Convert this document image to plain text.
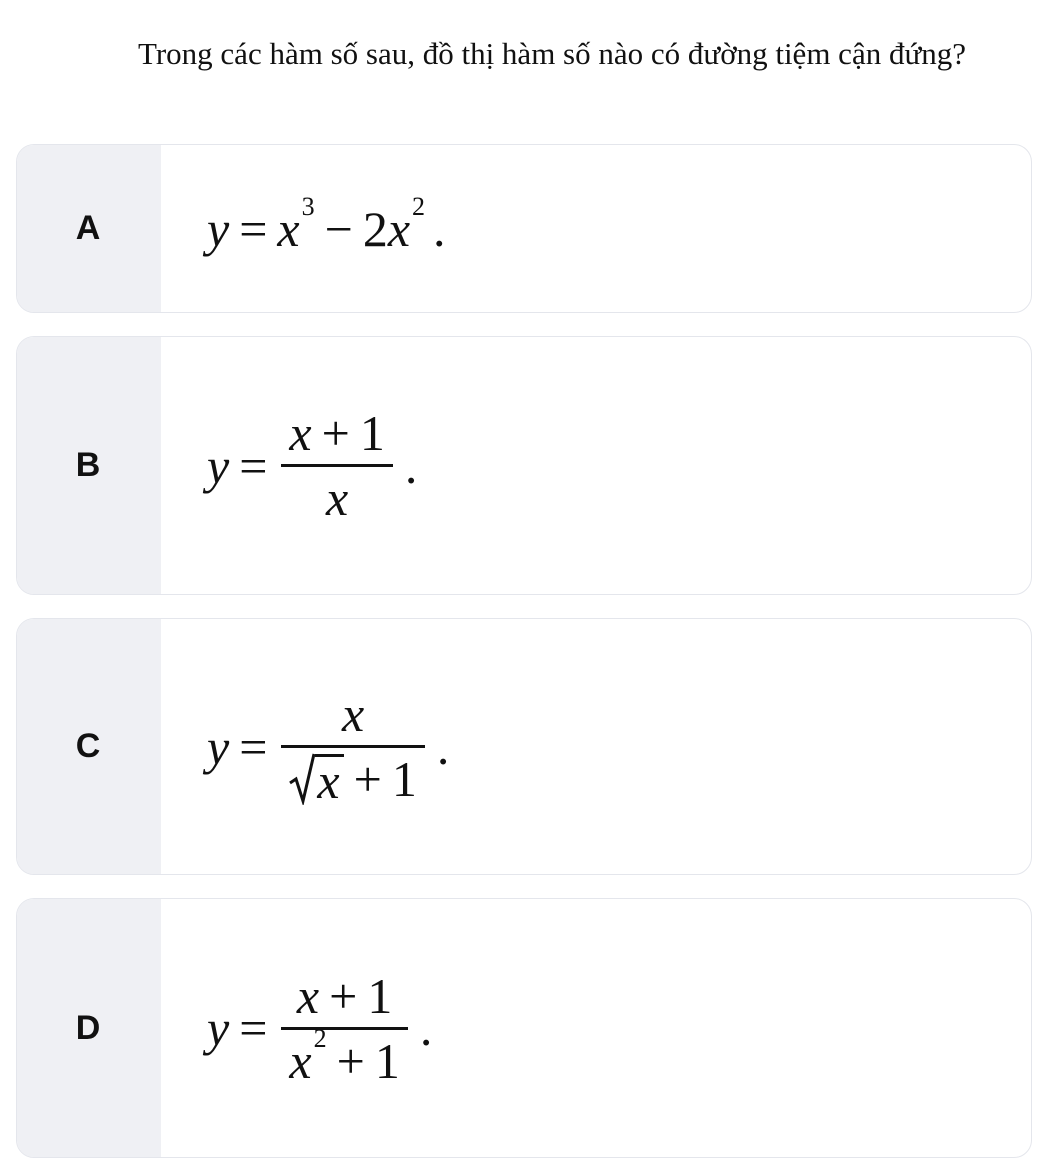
Trong các hàm số sau, đồ thị hàm số nào có đường tiệm cận đứng?
A $y = x^3 - 2$ $x^2$ .
B $y = \frac{x + 1}{x}$ .
C $y = \frac{x}{x + 1}$ .
D $y = \frac{x + 1}{x^2 + 1}$ .
